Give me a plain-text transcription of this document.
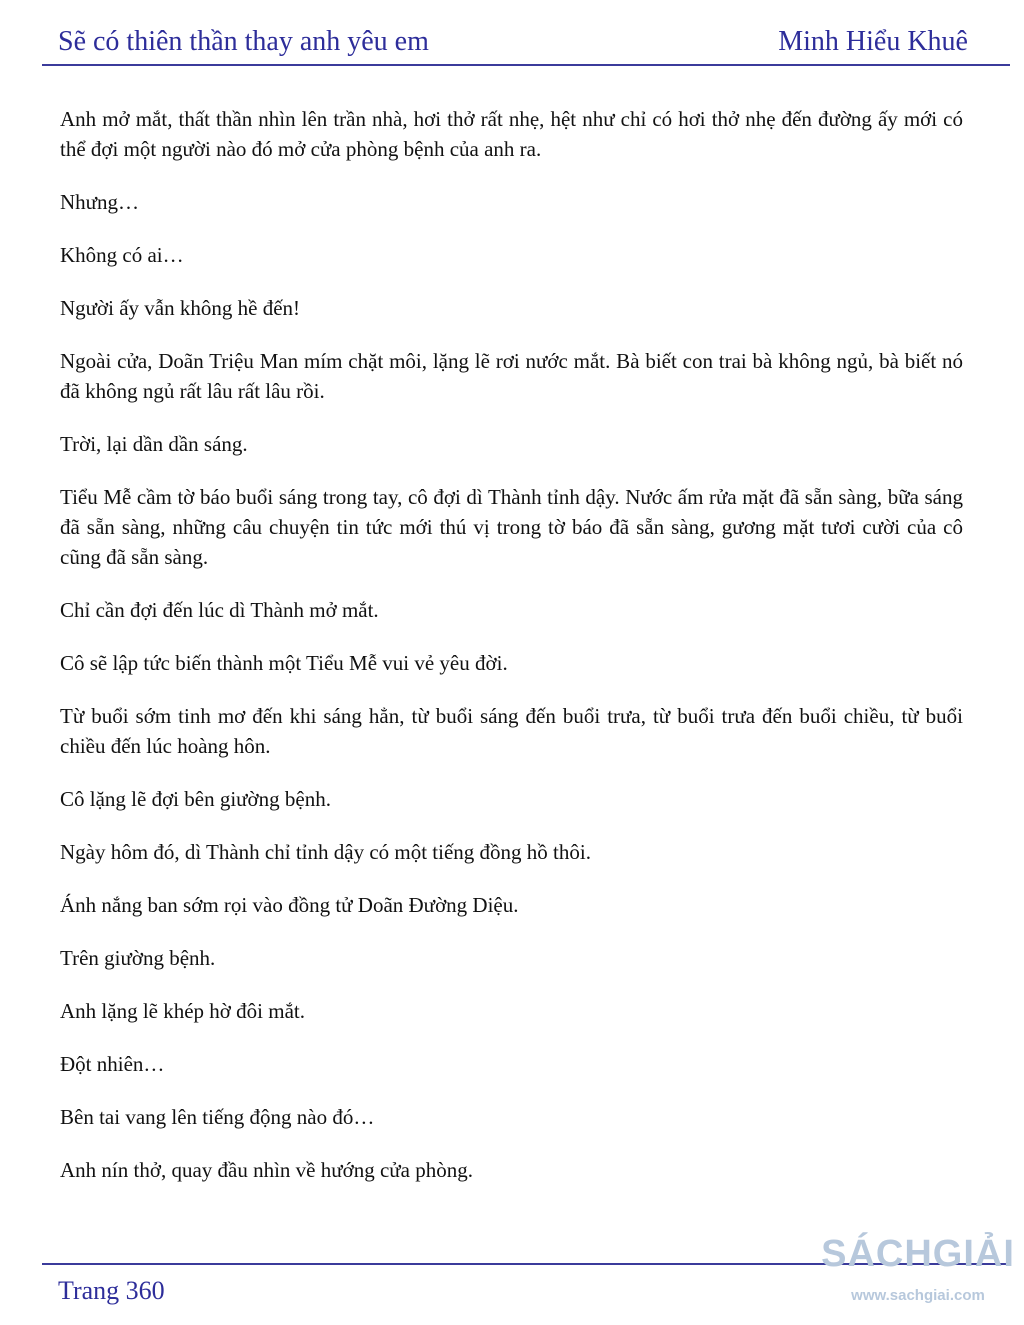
Sẽ có thiên thần thay anh yêu em	Minh Hiểu Khuê

Anh mở mắt, thất thần nhìn lên trần nhà, hơi thở rất nhẹ, hệt như chỉ có hơi thở nhẹ đến đường ấy mới có thể đợi một người nào đó mở cửa phòng bệnh của anh ra.

Nhưng…

Không có ai…

Người ấy vẫn không hề đến!

Ngoài cửa, Doãn Triệu Man mím chặt môi, lặng lẽ rơi nước mắt. Bà biết con trai bà không ngủ, bà biết nó đã không ngủ rất lâu rất lâu rồi.

Trời, lại dần dần sáng.

Tiểu Mễ cầm tờ báo buổi sáng trong tay, cô đợi dì Thành tỉnh dậy. Nước ấm rửa mặt đã sẵn sàng, bữa sáng đã sẵn sàng, những câu chuyện tin tức mới thú vị trong tờ báo đã sẵn sàng, gương mặt tươi cười của cô cũng đã sẵn sàng.

Chỉ cần đợi đến lúc dì Thành mở mắt.

Cô sẽ lập tức biến thành một Tiểu Mễ vui vẻ yêu đời.

Từ buổi sớm tinh mơ đến khi sáng hẳn, từ buổi sáng đến buổi trưa, từ buổi trưa đến buổi chiều, từ buổi chiều đến lúc hoàng hôn.

Cô lặng lẽ đợi bên giường bệnh.

Ngày hôm đó, dì Thành chỉ tỉnh dậy có một tiếng đồng hồ thôi.

Ánh nắng ban sớm rọi vào đồng tử Doãn Đường Diệu.

Trên giường bệnh.

Anh lặng lẽ khép hờ đôi mắt.

Đột nhiên…

Bên tai vang lên tiếng động nào đó…

Anh nín thở, quay đầu nhìn về hướng cửa phòng.

Trang 360
SÁCHGIẢI
www.sachgiai.com
